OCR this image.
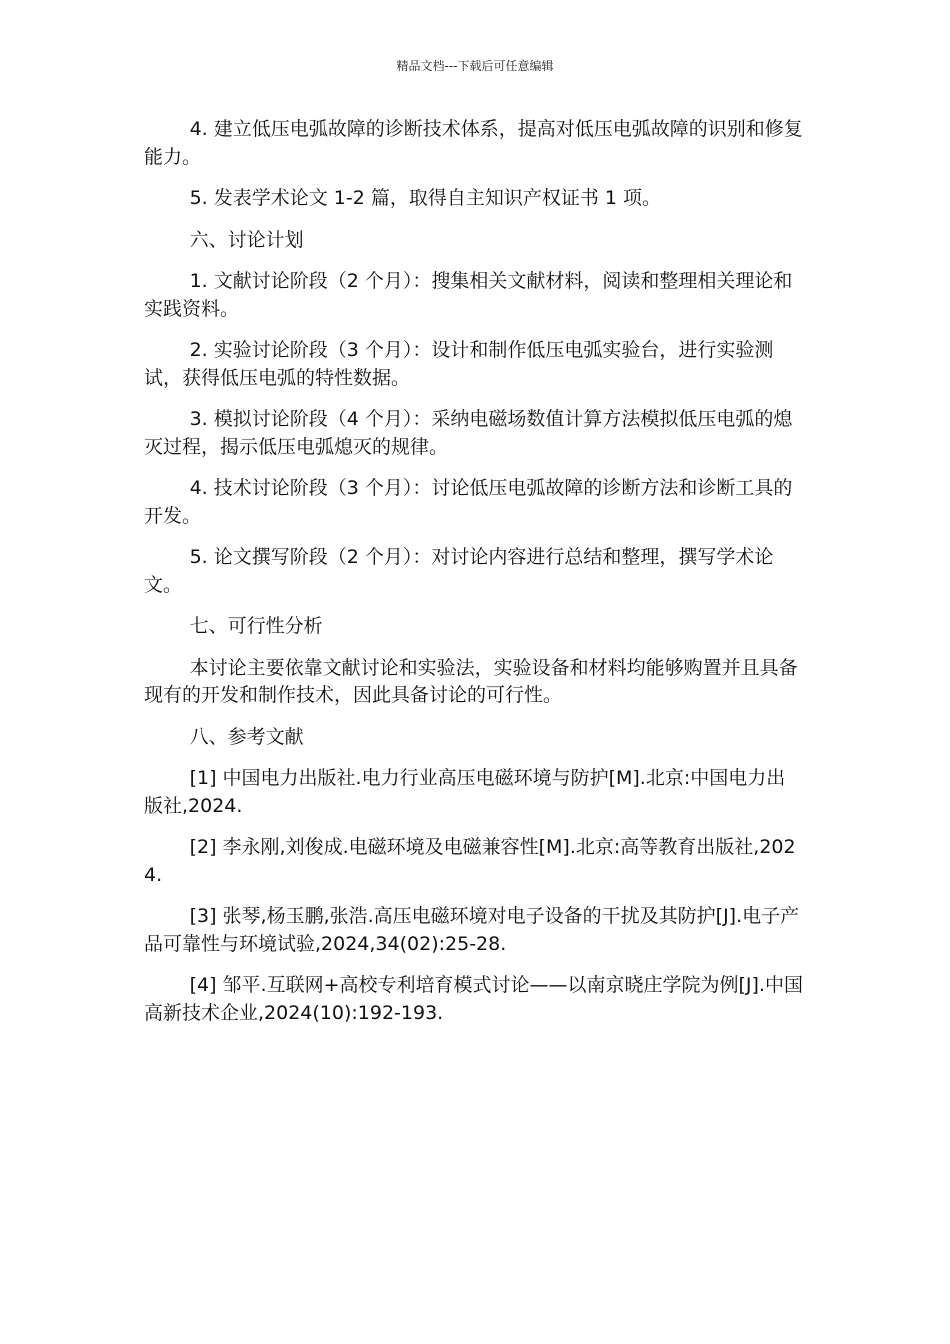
精品文档---下载后可任意编辑

4. 建立低压电弧故障的诊断技术体系，提高对低压电弧故障的识别和修复能力。

5. 发表学术论文 1-2 篇，取得自主知识产权证书 1 项。

六、讨论计划

1. 文献讨论阶段（2 个月）：搜集相关文献材料，阅读和整理相关理论和实践资料。

2. 实验讨论阶段（3 个月）：设计和制作低压电弧实验台，进行实验测试，获得低压电弧的特性数据。

3. 模拟讨论阶段（4 个月）：采纳电磁场数值计算方法模拟低压电弧的熄灭过程，揭示低压电弧熄灭的规律。

4. 技术讨论阶段（3 个月）：讨论低压电弧故障的诊断方法和诊断工具的开发。

5. 论文撰写阶段（2 个月）：对讨论内容进行总结和整理，撰写学术论文。

七、可行性分析

本讨论主要依靠文献讨论和实验法，实验设备和材料均能够购置并且具备现有的开发和制作技术，因此具备讨论的可行性。

八、参考文献

[1] 中国电力出版社.电力行业高压电磁环境与防护[M].北京:中国电力出版社,2024.

[2] 李永刚,刘俊成.电磁环境及电磁兼容性[M].北京:高等教育出版社,2024.

[3] 张琴,杨玉鹏,张浩.高压电磁环境对电子设备的干扰及其防护[J].电子产品可靠性与环境试验,2024,34(02):25-28.

[4] 邹平.互联网+高校专利培育模式讨论——以南京晓庄学院为例[J].中国高新技术企业,2024(10):192-193.
